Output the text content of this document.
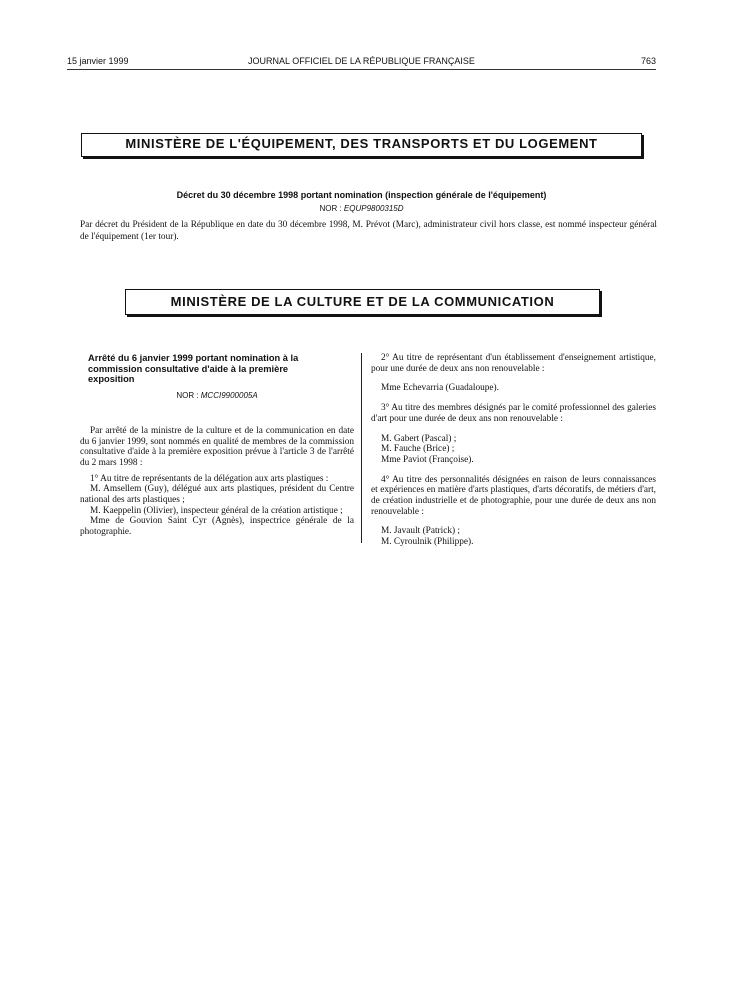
15 janvier 1999	JOURNAL OFFICIEL DE LA RÉPUBLIQUE FRANÇAISE	763
MINISTÈRE DE L'ÉQUIPEMENT, DES TRANSPORTS ET DU LOGEMENT
Décret du 30 décembre 1998 portant nomination (inspection générale de l'équipement)
NOR : EQUP9800315D
Par décret du Président de la République en date du 30 décembre 1998, M. Prévot (Marc), administrateur civil hors classe, est nommé inspecteur général de l'équipement (1er tour).
MINISTÈRE DE LA CULTURE ET DE LA COMMUNICATION
Arrêté du 6 janvier 1999 portant nomination à la commission consultative d'aide à la première exposition
NOR : MCCI9900005A

Par arrêté de la ministre de la culture et de la communication en date du 6 janvier 1999, sont nommés en qualité de membres de la commission consultative d'aide à la première exposition prévue à l'article 3 de l'arrêté du 2 mars 1998 :

1° Au titre de représentants de la délégation aux arts plastiques :

M. Amsellem (Guy), délégué aux arts plastiques, président du Centre national des arts plastiques ;

M. Kaeppelin (Olivier), inspecteur général de la création artistique ;

Mme de Gouvion Saint Cyr (Agnès), inspectrice générale de la photographie.

2° Au titre de représentant d'un établissement d'enseignement artistique, pour une durée de deux ans non renouvelable :

Mme Echevarria (Guadaloupe).

3° Au titre des membres désignés par le comité professionnel des galeries d'art pour une durée de deux ans non renouvelable :

M. Gabert (Pascal) ;

M. Fauche (Brice) ;

Mme Paviot (Françoise).

4° Au titre des personnalités désignées en raison de leurs connaissances et expériences en matière d'arts plastiques, d'arts décoratifs, de métiers d'art, de création industrielle et de photographie, pour une durée de deux ans non renouvelable :

M. Javault (Patrick) ;

M. Cyroulnik (Philippe).
